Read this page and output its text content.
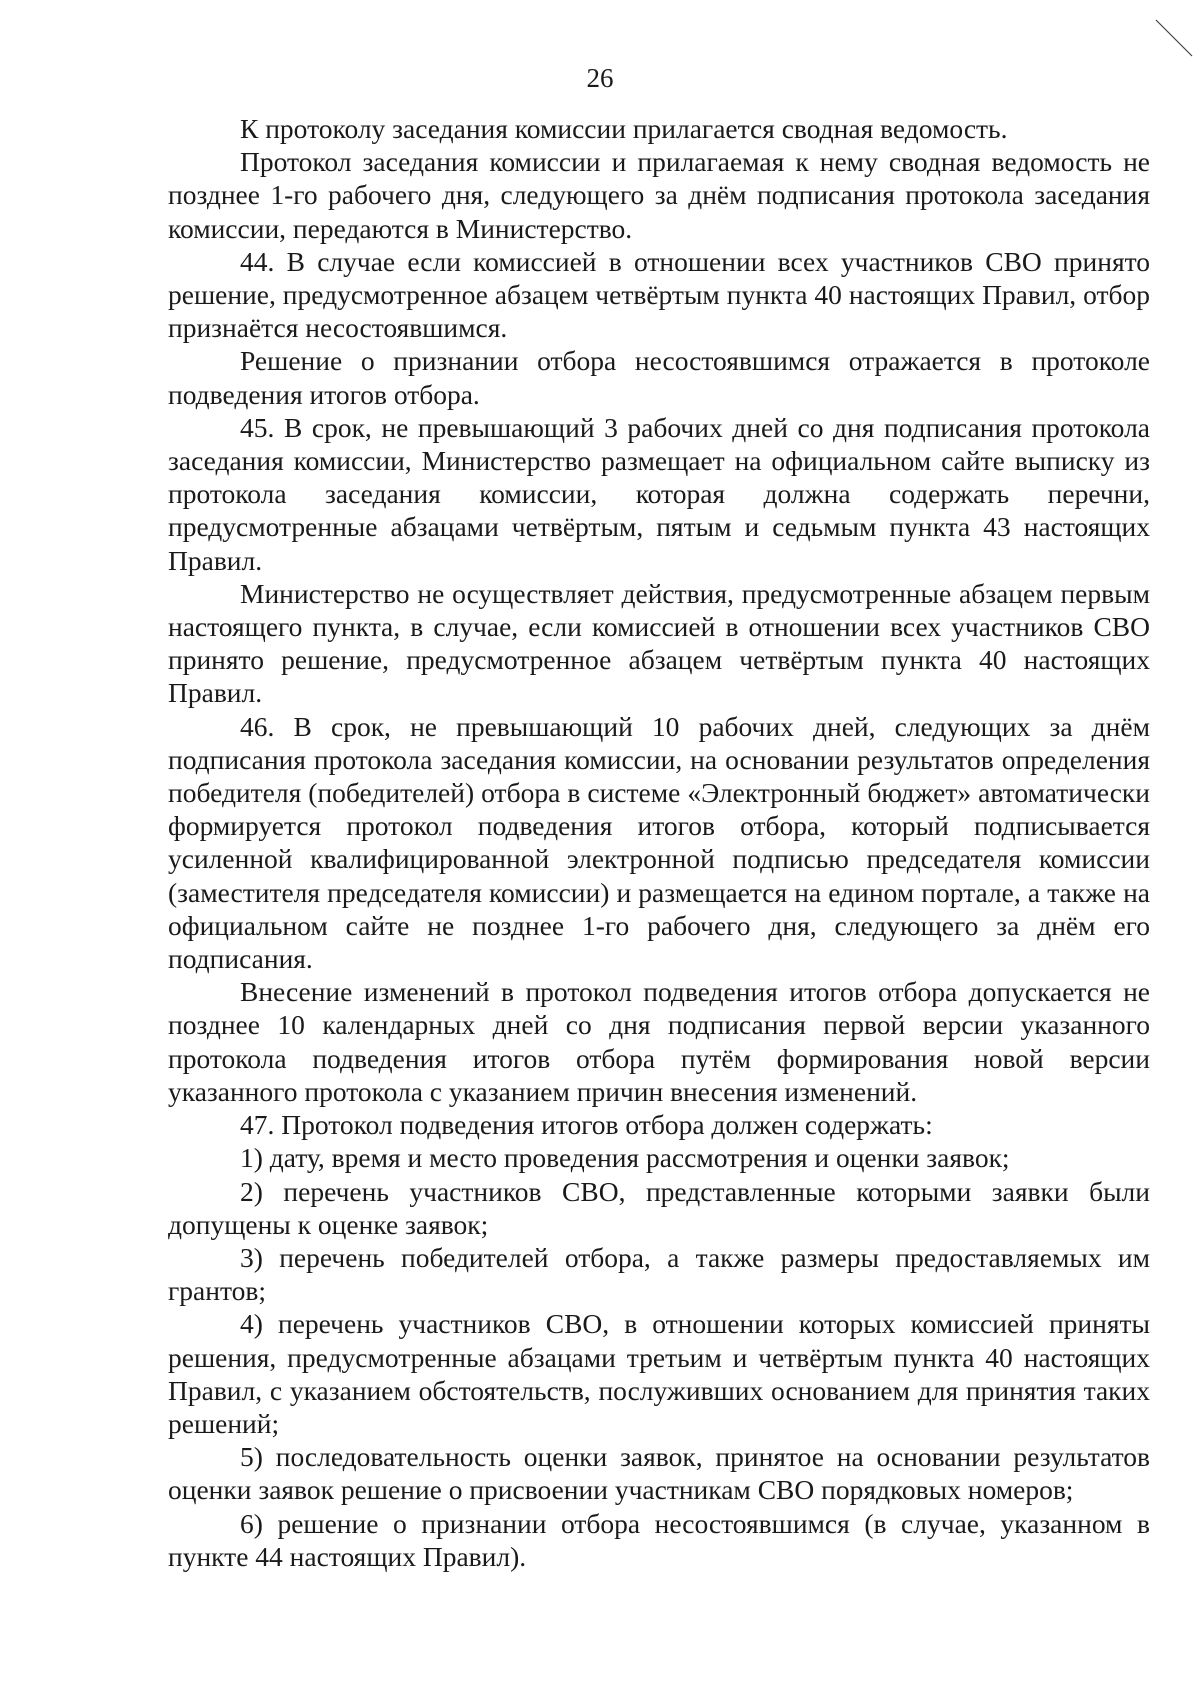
26

К протоколу заседания комиссии прилагается сводная ведомость.

Протокол заседания комиссии и прилагаемая к нему сводная ведомость не позднее 1-го рабочего дня, следующего за днём подписания протокола заседания комиссии, передаются в Министерство.

44. В случае если комиссией в отношении всех участников СВО принято решение, предусмотренное абзацем четвёртым пункта 40 настоящих Правил, отбор признаётся несостоявшимся.

Решение о признании отбора несостоявшимся отражается в протоколе подведения итогов отбора.

45. В срок, не превышающий 3 рабочих дней со дня подписания протокола заседания комиссии, Министерство размещает на официальном сайте выписку из протокола заседания комиссии, которая должна содержать перечни, предусмотренные абзацами четвёртым, пятым и седьмым пункта 43 настоящих Правил.

Министерство не осуществляет действия, предусмотренные абзацем первым настоящего пункта, в случае, если комиссией в отношении всех участников СВО принято решение, предусмотренное абзацем четвёртым пункта 40 настоящих Правил.

46. В срок, не превышающий 10 рабочих дней, следующих за днём подписания протокола заседания комиссии, на основании результатов определения победителя (победителей) отбора в системе «Электронный бюджет» автоматически формируется протокол подведения итогов отбора, который подписывается усиленной квалифицированной электронной подписью председателя комиссии (заместителя председателя комиссии) и размещается на едином портале, а также на официальном сайте не позднее 1-го рабочего дня, следующего за днём его подписания.

Внесение изменений в протокол подведения итогов отбора допускается не позднее 10 календарных дней со дня подписания первой версии указанного протокола подведения итогов отбора путём формирования новой версии указанного протокола с указанием причин внесения изменений.

47. Протокол подведения итогов отбора должен содержать:

1) дату, время и место проведения рассмотрения и оценки заявок;

2) перечень участников СВО, представленные которыми заявки были допущены к оценке заявок;

3) перечень победителей отбора, а также размеры предоставляемых им грантов;

4) перечень участников СВО, в отношении которых комиссией приняты решения, предусмотренные абзацами третьим и четвёртым пункта 40 настоящих Правил, с указанием обстоятельств, послуживших основанием для принятия таких решений;

5) последовательность оценки заявок, принятое на основании результатов оценки заявок решение о присвоении участникам СВО порядковых номеров;

6) решение о признании отбора несостоявшимся (в случае, указанном в пункте 44 настоящих Правил).
